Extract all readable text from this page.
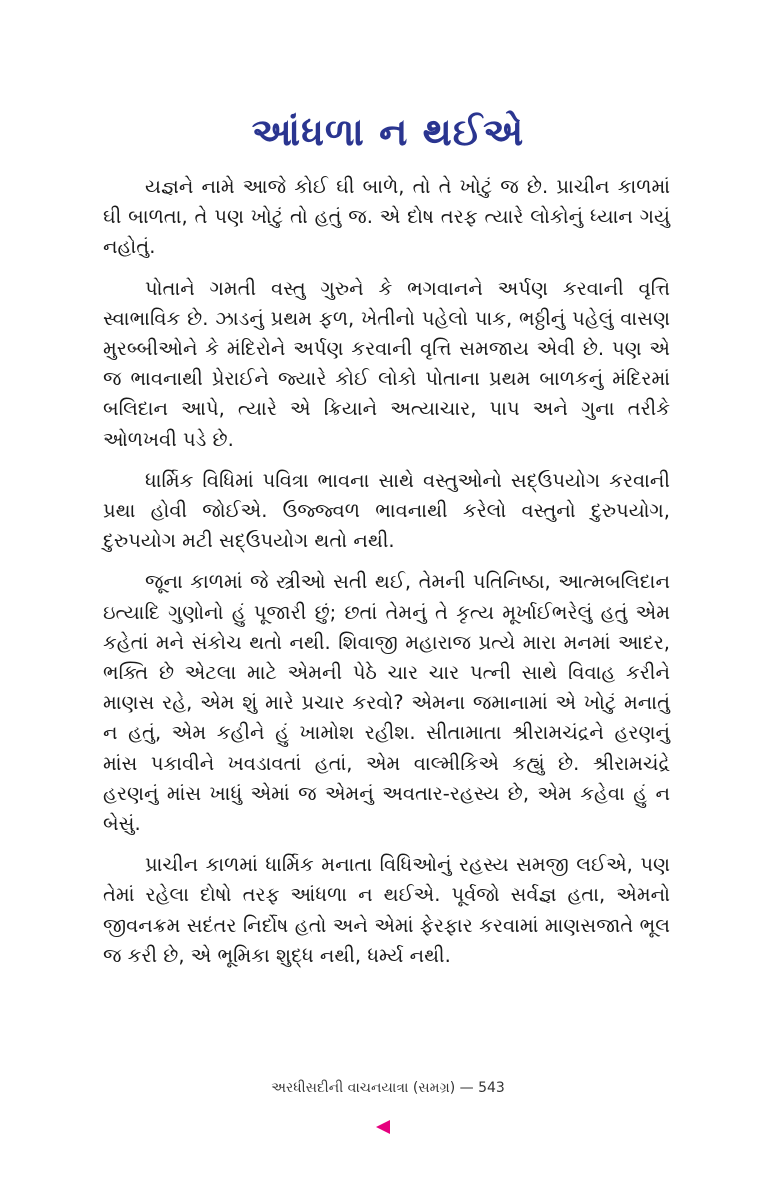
આંધળા ન થઈએ

યજ્ઞને નામે આજે કોઈ ઘી બાળે, તો તે ખોટું જ છે. પ્રાચીન કાળમાં ઘી બાળતા, તે પણ ખોટું તો હતું જ. એ દોષ તરફ ત્યારે લોકોનું ધ્યાન ગયું નહોતું.

પોતાને ગમતી વસ્તુ ગુરુને કે ભગવાનને અર્પણ કરવાની વૃત્તિ સ્વાભાવિક છે. ઝાડનું પ્રથમ ફળ, ખેતીનો પહેલો પાક, ભઠ્ઠીનું પહેલું વાસણ મુરબ્બીઓને કે મંદિરોને અર્પણ કરવાની વૃત્તિ સમજાય એવી છે. પણ એ જ ભાવનાથી પ્રેરાઈને જ્યારે કોઈ લોકો પોતાના પ્રથમ બાળકનું મંદિરમાં બલિદાન આપે, ત્યારે એ ક્રિયાને અત્યાચાર, પાપ અને ગુના તરીકે ઓળખવી પડે છે.

ધાર્મિક વિધિમાં પવિત્રા ભાવના સાથે વસ્તુઓનો સદ્ઉપયોગ કરવાની પ્રથા હોવી જોઈએ. ઉજ્જ્વળ ભાવનાથી કરેલો વસ્તુનો દુરુપયોગ, દુરુપયોગ મટી સદ્ઉપયોગ થતો નથી.

જૂના કાળમાં જે સ્ત્રીઓ સતી થઈ, તેમની પતિનિષ્ઠા, આત્મબલિદાન ઇત્યાદિ ગુણોનો હું પૂજારી છું; છતાં તેમનું તે કૃત્ય મૂર્ખાઈભરેલું હતું એમ કહેતાં મને સંકોચ થતો નથી. શિવાજી મહારાજ પ્રત્યે મારા મનમાં આદર, ભક્તિ છે એટલા માટે એમની પેઠે ચાર ચાર પત્ની સાથે વિવાહ કરીને માણસ રહે, એમ શું મારે પ્રચાર કરવો? એમના જમાનામાં એ ખોટું મનાતું ન હતું, એમ કહીને હું ખામોશ રહીશ. સીતામાતા શ્રીરામચંદ્રને હરણનું માંસ પકાવીને ખવડાવતાં હતાં, એમ વાલ્મીકિએ કહ્યું છે. શ્રીરામચંદ્રે હરણનું માંસ ખાધું એમાં જ એમનું અવતાર-રહસ્ય છે, એમ કહેવા હું ન બેસું.

પ્રાચીન કાળમાં ધાર્મિક મનાતા વિધિઓનું રહસ્ય સમજી લઈએ, પણ તેમાં રહેલા દોષો તરફ આંધળા ન થઈએ. પૂર્વજો સર્વજ્ઞ હતા, એમનો જીવનક્રમ સદંતર નિર્દોષ હતો અને એમાં ફેરફાર કરવામાં માણસજાતે ભૂલ જ કરી છે, એ ભૂમિકા શુદ્ધ નથી, ધર્મ્ય નથી.

અરધીસદીની વાચનયાત્રા (સમગ્ર) — 543
